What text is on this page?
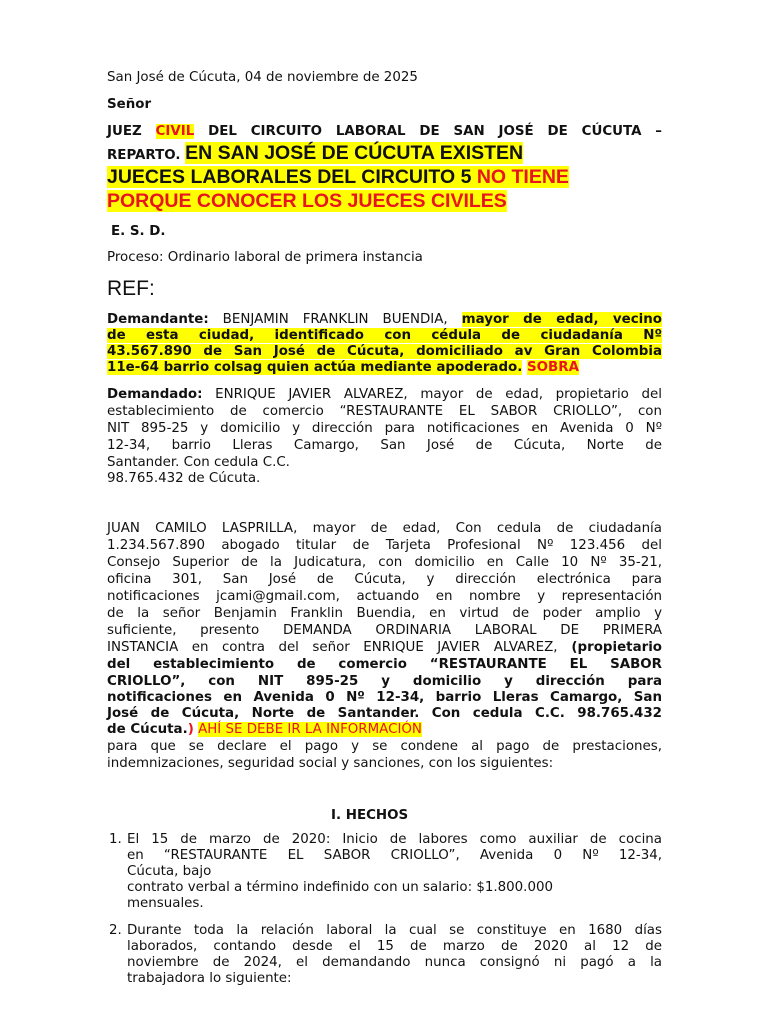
San José de Cúcuta, 04 de noviembre de 2025
Señor
JUEZ CIVIL DEL CIRCUITO LABORAL DE SAN JOSÉ DE CÚCUTA –
REPARTO. EN SAN JOSÉ DE CÚCUTA EXISTEN
JUECES LABORALES DEL CIRCUITO 5 NO TIENE
PORQUE CONOCER LOS JUECES CIVILES
E. S. D.
Proceso: Ordinario laboral de primera instancia
REF:
Demandante: BENJAMIN FRANKLIN BUENDIA, mayor de edad, vecino
de esta ciudad, identificado con cédula de ciudadanía Nº
43.567.890 de San José de Cúcuta, domiciliado av Gran Colombia
11e-64 barrio colsag quien actúa mediante apoderado. SOBRA
Demandado: ENRIQUE JAVIER ALVAREZ, mayor de edad, propietario del
establecimiento de comercio “RESTAURANTE EL SABOR CRIOLLO”, con
NIT 895-25 y domicilio y dirección para notificaciones en Avenida 0 Nº
12-34, barrio Lleras Camargo, San José de Cúcuta, Norte de
Santander. Con cedula C.C.
98.765.432 de Cúcuta.
JUAN CAMILO LASPRILLA, mayor de edad, Con cedula de ciudadanía
1.234.567.890 abogado titular de Tarjeta Profesional Nº 123.456 del
Consejo Superior de la Judicatura, con domicilio en Calle 10 Nº 35-21,
oficina 301, San José de Cúcuta, y dirección electrónica para
notificaciones jcami@gmail.com, actuando en nombre y representación
de la señor Benjamin Franklin Buendia, en virtud de poder amplio y
suficiente, presento DEMANDA ORDINARIA LABORAL DE PRIMERA
INSTANCIA en contra del señor ENRIQUE JAVIER ALVAREZ, (propietario
del establecimiento de comercio “RESTAURANTE EL SABOR
CRIOLLO”, con NIT 895-25 y domicilio y dirección para
notificaciones en Avenida 0 Nº 12-34, barrio Lleras Camargo, San
José de Cúcuta, Norte de Santander. Con cedula C.C. 98.765.432
de Cúcuta.) AHÍ SE DEBE IR LA INFORMACIÓN
para que se declare el pago y se condene al pago de prestaciones,
indemnizaciones, seguridad social y sanciones, con los siguientes:
I. HECHOS
1. El 15 de marzo de 2020: Inicio de labores como auxiliar de cocina
en “RESTAURANTE EL SABOR CRIOLLO”, Avenida 0 Nº 12-34,
Cúcuta, bajo
contrato verbal a término indefinido con un salario: $1.800.000
mensuales.
2. Durante toda la relación laboral la cual se constituye en 1680 días
laborados, contando desde el 15 de marzo de 2020 al 12 de
noviembre de 2024, el demandando nunca consignó ni pagó a la
trabajadora lo siguiente:
